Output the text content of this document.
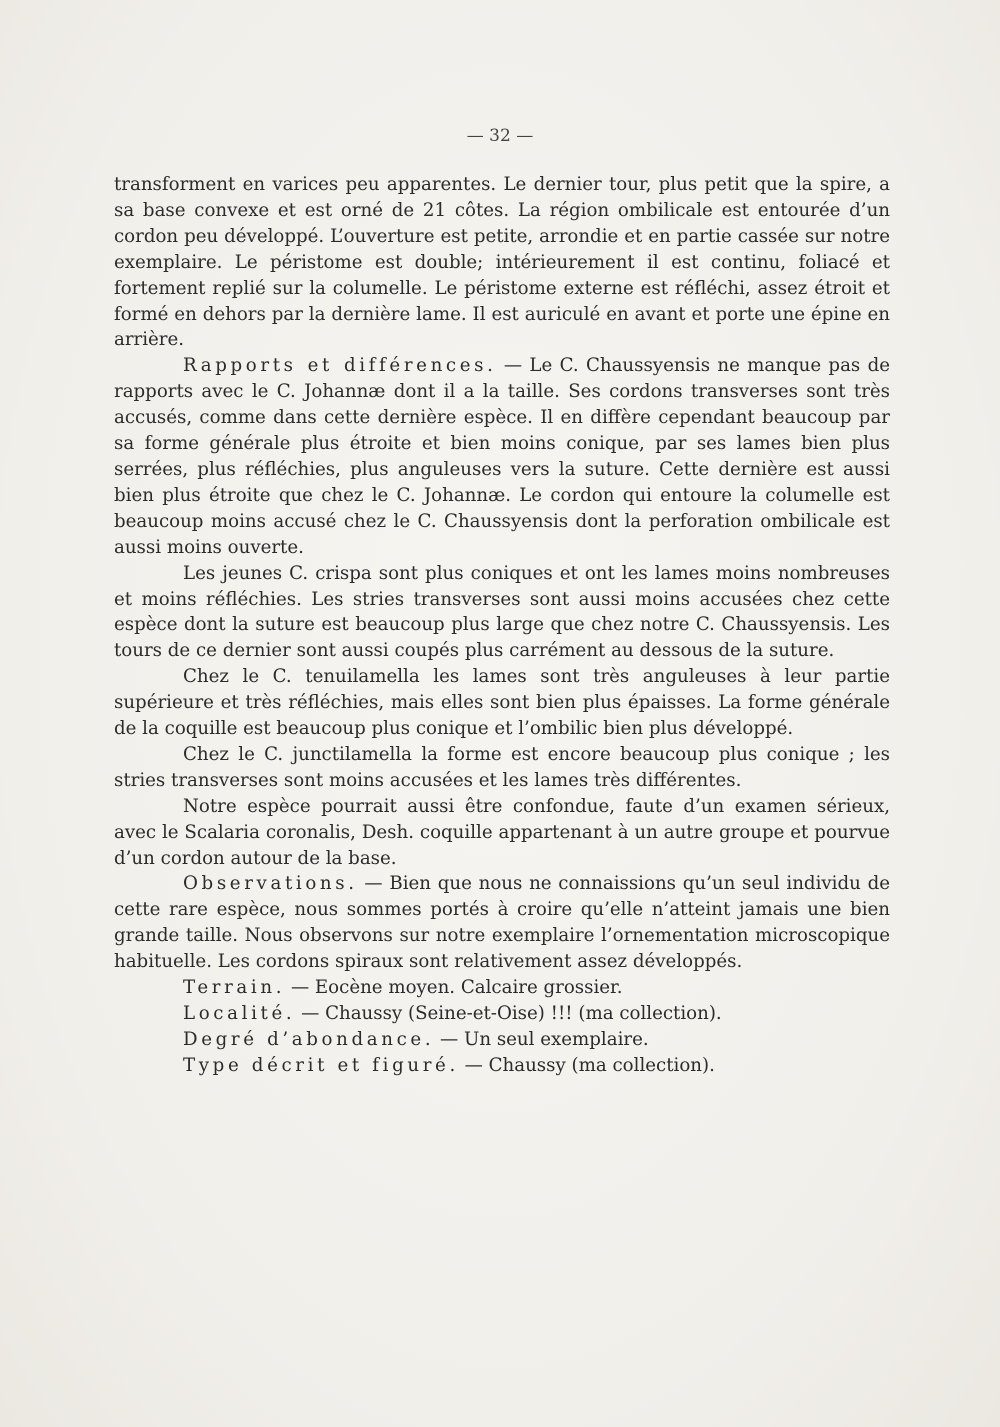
— 32 —

transforment en varices peu apparentes. Le dernier tour, plus petit que la spire, a sa base convexe et est orné de 21 côtes. La région ombilicale est entourée d’un cordon peu développé. L’ouverture est petite, arrondie et en partie cassée sur notre exemplaire. Le péristome est double; intérieurement il est continu, foliacé et fortement replié sur la columelle. Le péristome externe est réfléchi, assez étroit et formé en dehors par la dernière lame. Il est auriculé en avant et porte une épine en arrière.

Rapports et différences. — Le C. Chaussyensis ne manque pas de rapports avec le C. Johannæ dont il a la taille. Ses cordons transverses sont très accusés, comme dans cette dernière espèce. Il en diffère cependant beaucoup par sa forme générale plus étroite et bien moins conique, par ses lames bien plus serrées, plus réfléchies, plus anguleuses vers la suture. Cette dernière est aussi bien plus étroite que chez le C. Johannæ. Le cordon qui entoure la columelle est beaucoup moins accusé chez le C. Chaussyensis dont la perforation ombilicale est aussi moins ouverte.

Les jeunes C. crispa sont plus coniques et ont les lames moins nombreuses et moins réfléchies. Les stries transverses sont aussi moins accusées chez cette espèce dont la suture est beaucoup plus large que chez notre C. Chaussyensis. Les tours de ce dernier sont aussi coupés plus carrément au dessous de la suture.

Chez le C. tenuilamella les lames sont très anguleuses à leur partie supérieure et très réfléchies, mais elles sont bien plus épaisses. La forme générale de la coquille est beaucoup plus conique et l’ombilic bien plus développé.

Chez le C. junctilamella la forme est encore beaucoup plus conique ; les stries transverses sont moins accusées et les lames très différentes.

Notre espèce pourrait aussi être confondue, faute d’un examen sérieux, avec le Scalaria coronalis, Desh. coquille appartenant à un autre groupe et pourvue d’un cordon autour de la base.

Observations. — Bien que nous ne connaissions qu’un seul individu de cette rare espèce, nous sommes portés à croire qu’elle n’atteint jamais une bien grande taille. Nous observons sur notre exemplaire l’ornementation microscopique habituelle. Les cordons spiraux sont relativement assez développés.

Terrain. — Eocène moyen. Calcaire grossier.

Localité. — Chaussy (Seine-et-Oise) !!! (ma collection).

Degré d’abondance. — Un seul exemplaire.

Type décrit et figuré. — Chaussy (ma collection).
